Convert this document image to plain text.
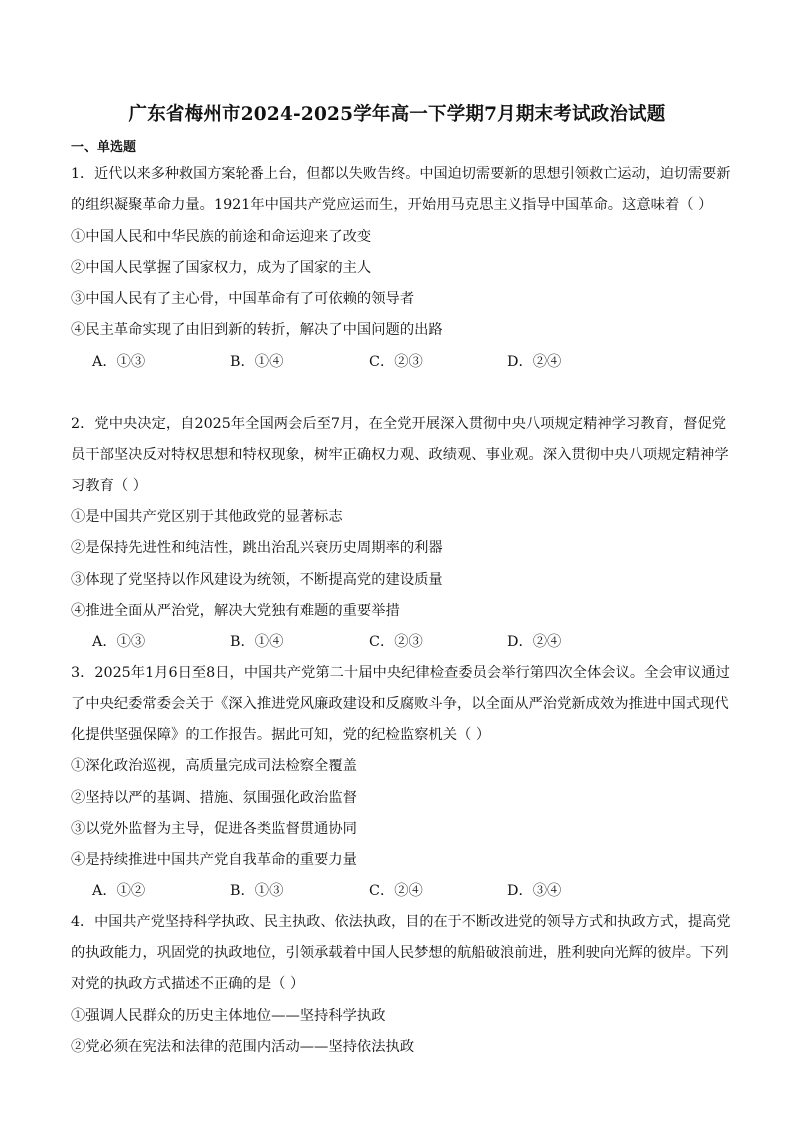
广东省梅州市2024-2025学年高一下学期7月期末考试政治试题
一、单选题
1．近代以来多种救国方案轮番上台，但都以失败告终。中国迫切需要新的思想引领救亡运动，迫切需要新
的组织凝聚革命力量。1921年中国共产党应运而生，开始用马克思主义指导中国革命。这意味着（ ）
①中国人民和中华民族的前途和命运迎来了改变
②中国人民掌握了国家权力，成为了国家的主人
③中国人民有了主心骨，中国革命有了可依赖的领导者
④民主革命实现了由旧到新的转折，解决了中国问题的出路
A．①③	B．①④	C．②③	D．②④
2．党中央决定，自2025年全国两会后至7月，在全党开展深入贯彻中央八项规定精神学习教育，督促党
员干部坚决反对特权思想和特权现象，树牢正确权力观、政绩观、事业观。深入贯彻中央八项规定精神学
习教育（ ）
①是中国共产党区别于其他政党的显著标志
②是保持先进性和纯洁性，跳出治乱兴衰历史周期率的利器
③体现了党坚持以作风建设为统领，不断提高党的建设质量
④推进全面从严治党，解决大党独有难题的重要举措
A．①③	B．①④	C．②③	D．②④
3．2025年1月6日至8日，中国共产党第二十届中央纪律检查委员会举行第四次全体会议。全会审议通过
了中央纪委常委会关于《深入推进党风廉政建设和反腐败斗争，以全面从严治党新成效为推进中国式现代
化提供坚强保障》的工作报告。据此可知，党的纪检监察机关（ ）
①深化政治巡视，高质量完成司法检察全覆盖
②坚持以严的基调、措施、氛围强化政治监督
③以党外监督为主导，促进各类监督贯通协同
④是持续推进中国共产党自我革命的重要力量
A．①②	B．①③	C．②④	D．③④
4．中国共产党坚持科学执政、民主执政、依法执政，目的在于不断改进党的领导方式和执政方式，提高党
的执政能力，巩固党的执政地位，引领承载着中国人民梦想的航船破浪前进，胜利驶向光辉的彼岸。下列
对党的执政方式描述不正确的是（ ）
①强调人民群众的历史主体地位——坚持科学执政
②党必须在宪法和法律的范围内活动——坚持依法执政
